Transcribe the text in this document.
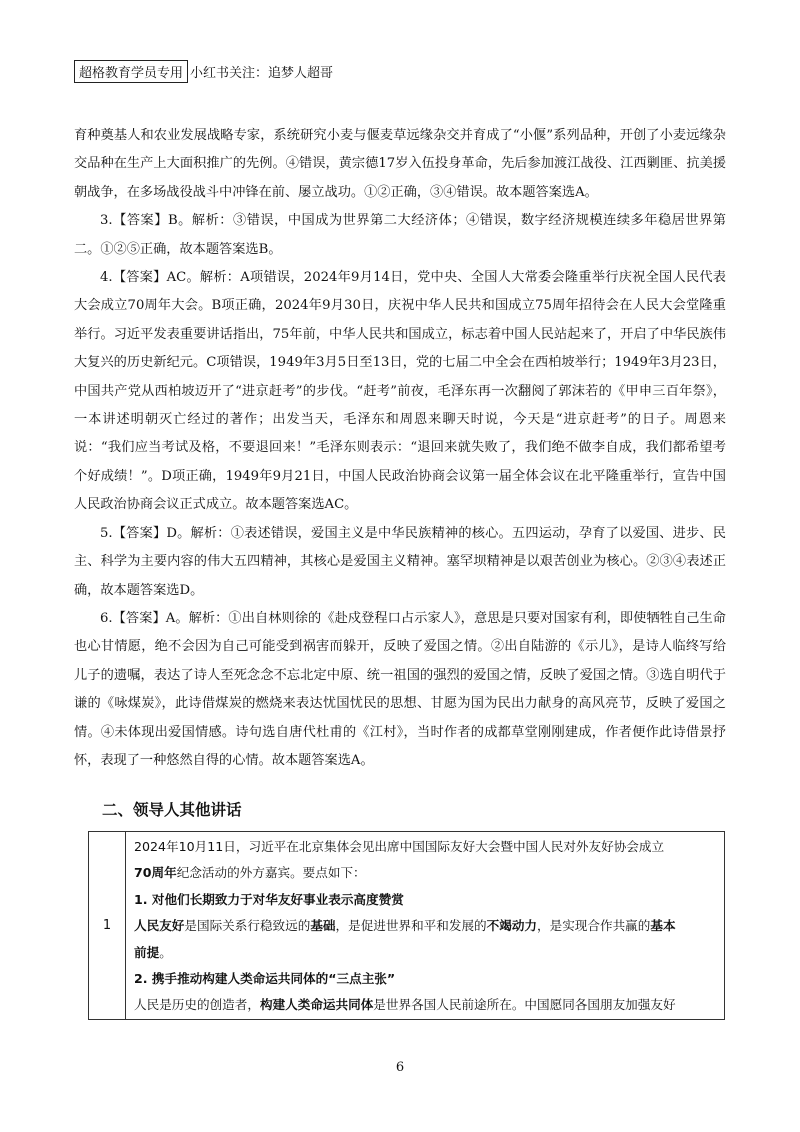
超格教育学员专用 小红书关注：追梦人超哥

育种奠基人和农业发展战略专家，系统研究小麦与偃麦草远缘杂交并育成了“小偃”系列品种，开创了小麦远缘杂交品种在生产上大面积推广的先例。④错误，黄宗德17岁入伍投身革命，先后参加渡江战役、江西剿匪、抗美援朝战争，在多场战役战斗中冲锋在前、屡立战功。①②正确，③④错误。故本题答案选A。

3.【答案】B。解析：③错误，中国成为世界第二大经济体；④错误，数字经济规模连续多年稳居世界第二。①②⑤正确，故本题答案选B。

4.【答案】AC。解析：A项错误，2024年9月14日，党中央、全国人大常委会隆重举行庆祝全国人民代表大会成立70周年大会。B项正确，2024年9月30日，庆祝中华人民共和国成立75周年招待会在人民大会堂隆重举行。习近平发表重要讲话指出，75年前，中华人民共和国成立，标志着中国人民站起来了，开启了中华民族伟大复兴的历史新纪元。C项错误，1949年3月5日至13日，党的七届二中全会在西柏坡举行；1949年3月23日，中国共产党从西柏坡迈开了“进京赶考”的步伐。“赶考”前夜，毛泽东再一次翻阅了郭沫若的《甲申三百年祭》，一本讲述明朝灭亡经过的著作；出发当天，毛泽东和周恩来聊天时说，今天是“进京赶考”的日子。周恩来说：“我们应当考试及格，不要退回来！”毛泽东则表示：“退回来就失败了，我们绝不做李自成，我们都希望考个好成绩！”。D项正确，1949年9月21日，中国人民政治协商会议第一届全体会议在北平隆重举行，宣告中国人民政治协商会议正式成立。故本题答案选AC。

5.【答案】D。解析：①表述错误，爱国主义是中华民族精神的核心。五四运动，孕育了以爱国、进步、民主、科学为主要内容的伟大五四精神，其核心是爱国主义精神。塞罕坝精神是以艰苦创业为核心。②③④表述正确，故本题答案选D。

6.【答案】A。解析：①出自林则徐的《赴戍登程口占示家人》，意思是只要对国家有利，即使牺牲自己生命也心甘情愿，绝不会因为自己可能受到祸害而躲开，反映了爱国之情。②出自陆游的《示儿》，是诗人临终写给儿子的遗嘱，表达了诗人至死念念不忘北定中原、统一祖国的强烈的爱国之情，反映了爱国之情。③选自明代于谦的《咏煤炭》，此诗借煤炭的燃烧来表达忧国忧民的思想、甘愿为国为民出力献身的高风亮节，反映了爱国之情。④未体现出爱国情感。诗句选自唐代杜甫的《江村》，当时作者的成都草堂刚刚建成，作者便作此诗借景抒怀，表现了一种悠然自得的心情。故本题答案选A。

二、领导人其他讲话
1	
2024年10月11日，习近平在北京集体会见出席中国国际友好大会暨中国人民对外友好协会成立
70周年纪念活动的外方嘉宾。要点如下：
1. 对他们长期致力于对华友好事业表示高度赞赏
人民友好是国际关系行稳致远的基础，是促进世界和平和发展的不竭动力，是实现合作共赢的基本
前提。
2. 携手推动构建人类命运共同体的“三点主张”
人民是历史的创造者，构建人类命运共同体是世界各国人民前途所在。中国愿同各国朋友加强友好
6
